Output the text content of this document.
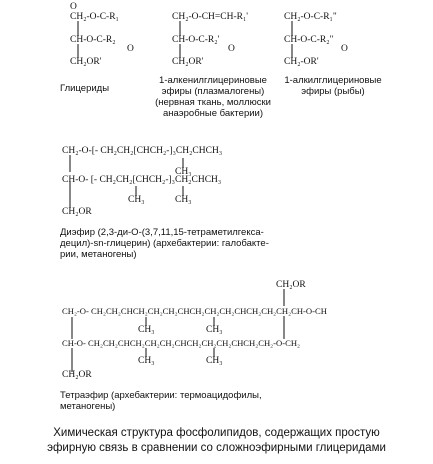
O
CH₂-O-C-R₁
CH-O-C-R₂
O
CH₂OR'
Глицериды
CH₂-O-CH=CH-R₁'
CH-O-C-R₂'
O
CH₂OR'
1-алкенилглицериновые
эфиры (плазмалогены)
(нервная ткань, моллюски
анаэробные бактерии)
CH₂-O-C-R₁"
CH-O-C-R₂"
O
CH₂-OR'
1-алкилглицериновые
эфиры (рыбы)
CH₂-O-[- CH₂CH₂[CHCH₂-]₃CH₂CHCH₃
CH₃
CH-O- [- CH₂CH₂[CHCH₂-]₃CH₂CHCH₃
CH₃	CH₃
CH₂OR
Диэфир (2,3-ди-О-(3,7,11,15-тетраметилгекса-
децил)-sn-глицерин) (архебактерии: галобакте-
рии, метаногены)
CH₂OR
CH₂-O- CH₂CH₂CHCH₂CH₂CH₂CHCH₂CH₂CH₂CHCH₂CH₂CH₂CH-O-CH
CH₃	CH₃
CH-O- CH₂CH₂CHCH₂CH₂CH₂CHCH₂CH₂CH₂CHCH₂CH₂-O-CH₂
CH₃	CH₃
CH₂OR
Тетраэфир (архебактерии: термоацидофилы,
метаногены)
Химическая структура фосфолипидов, содержащих простую
эфирную связь в сравнении со сложноэфирными глицеридами
